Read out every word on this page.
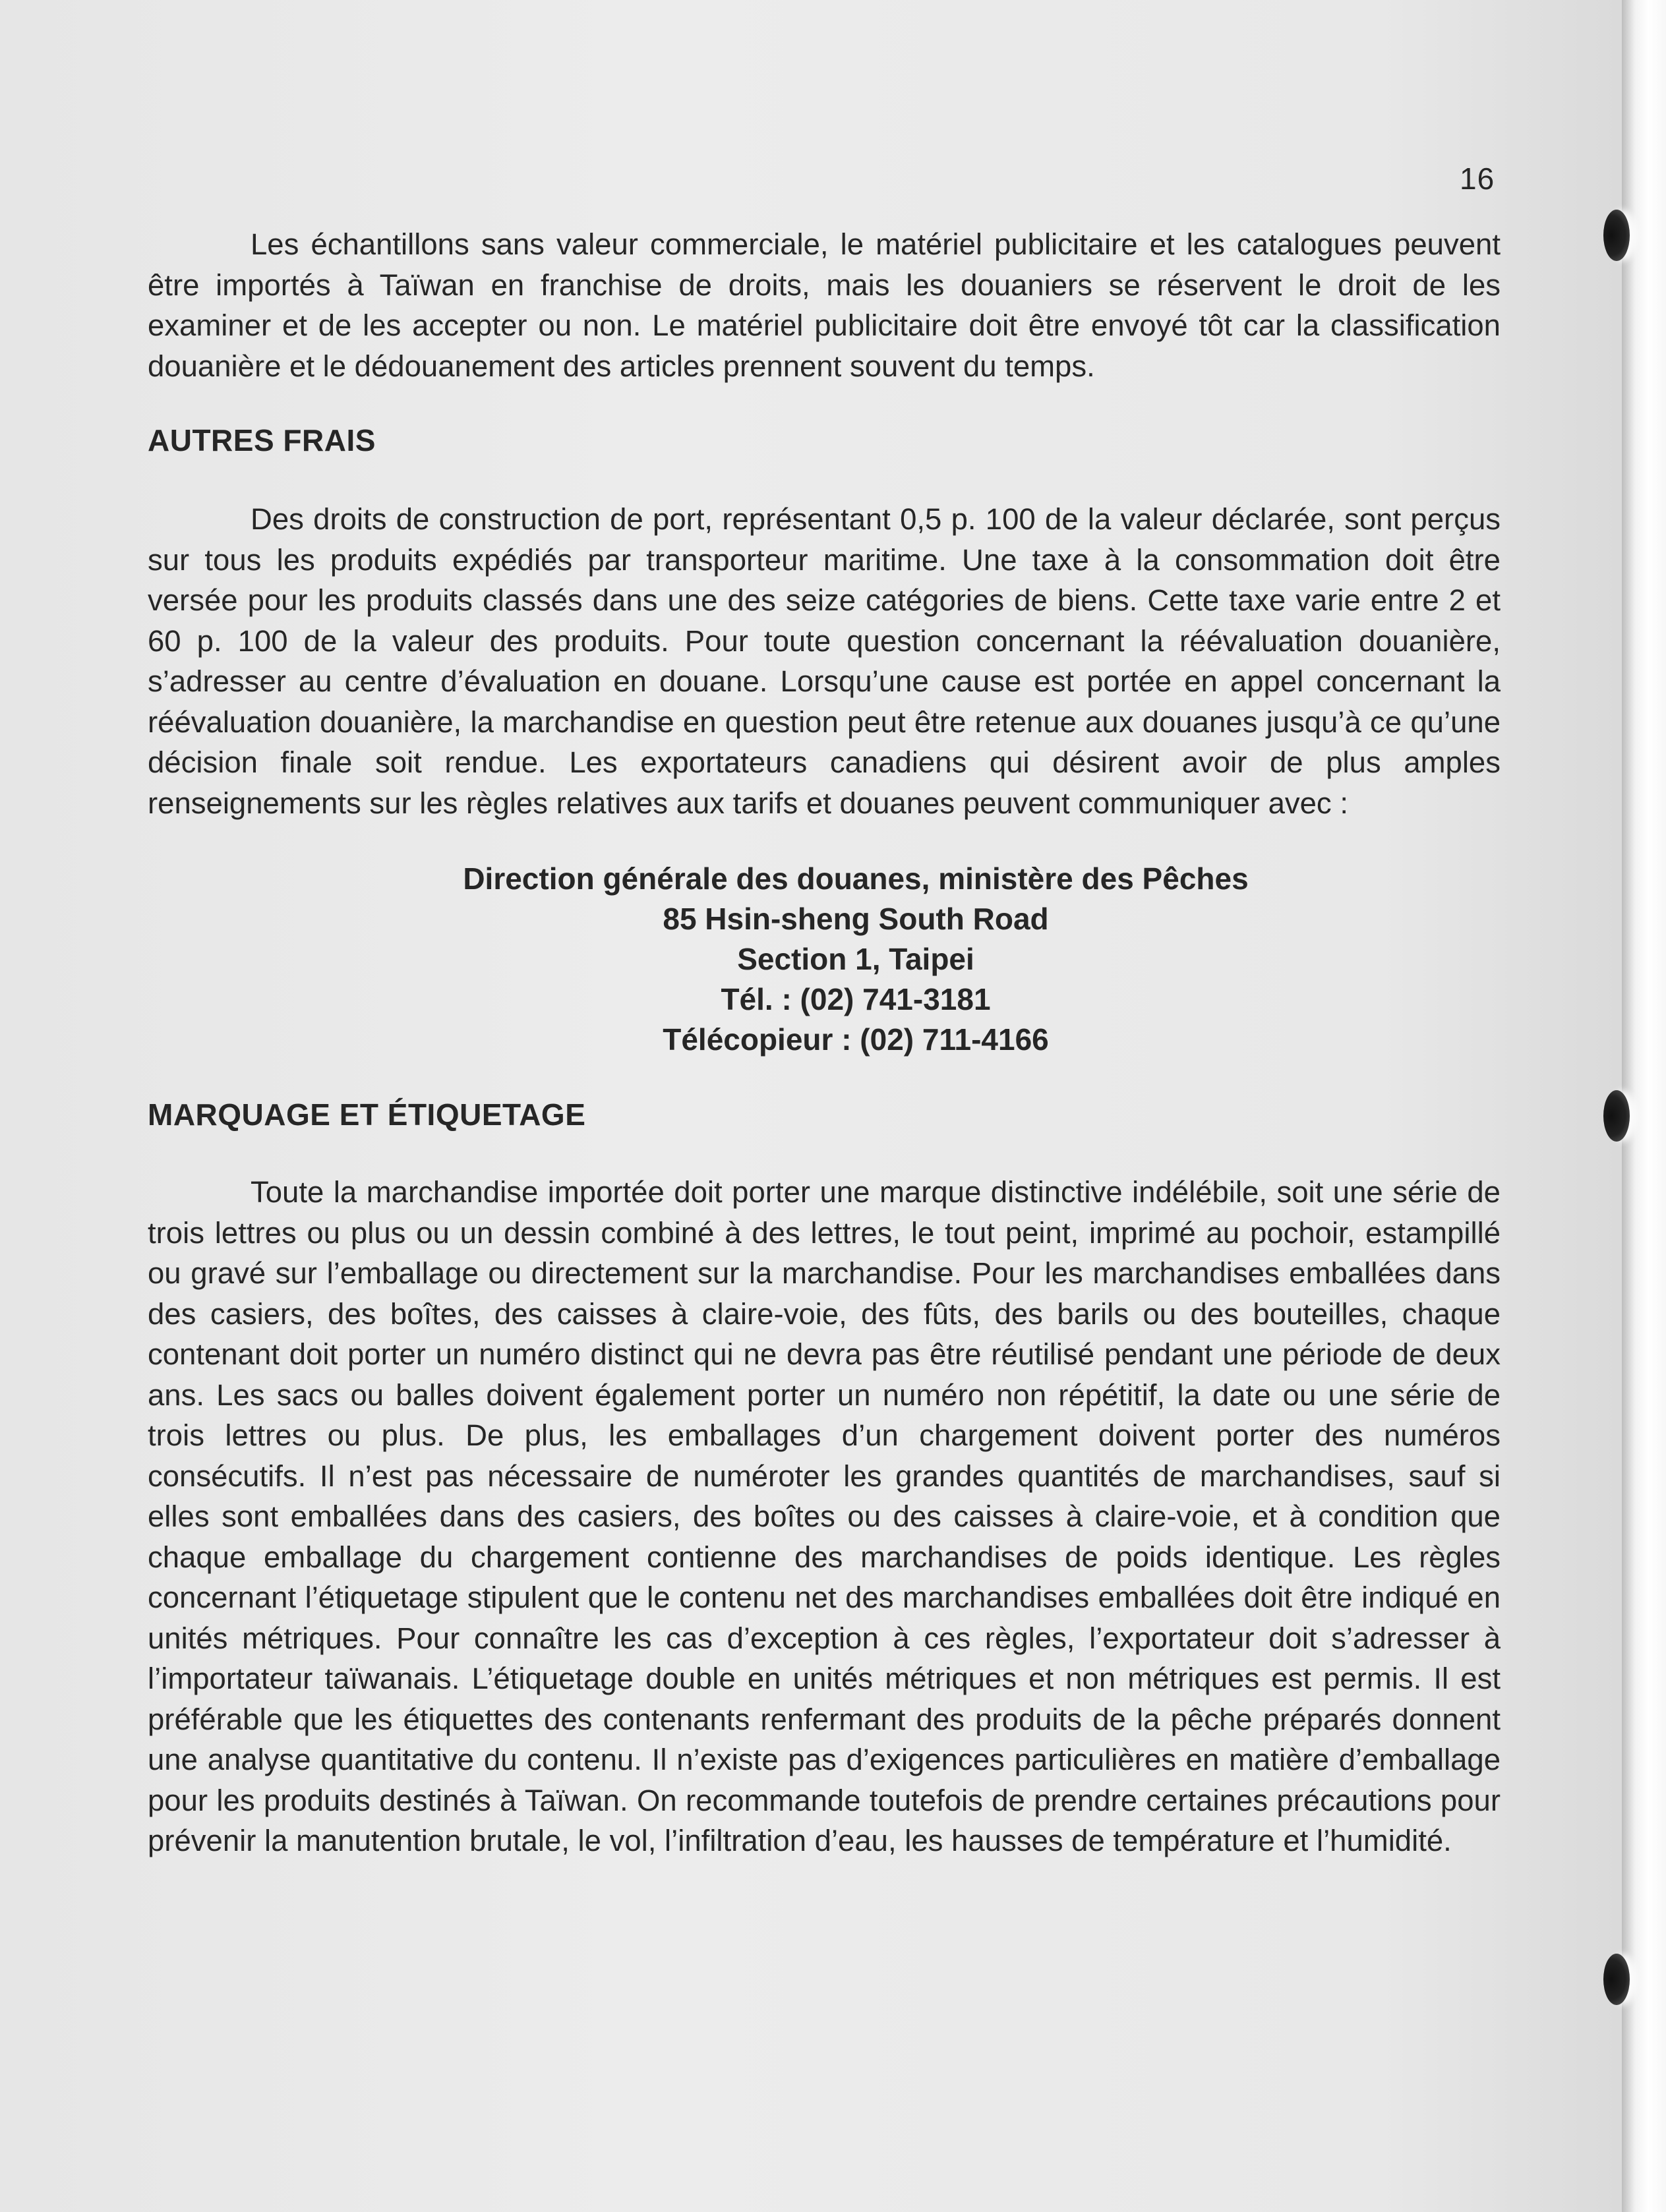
16

Les échantillons sans valeur commerciale, le matériel publicitaire et les catalogues peuvent être importés à Taïwan en franchise de droits, mais les douaniers se réservent le droit de les examiner et de les accepter ou non. Le matériel publicitaire doit être envoyé tôt car la classification douanière et le dédouanement des articles prennent souvent du temps.

AUTRES FRAIS

Des droits de construction de port, représentant 0,5 p. 100 de la valeur déclarée, sont perçus sur tous les produits expédiés par transporteur maritime. Une taxe à la consommation doit être versée pour les produits classés dans une des seize catégories de biens. Cette taxe varie entre 2 et 60 p. 100 de la valeur des produits. Pour toute question concernant la réévaluation douanière, s’adresser au centre d’évaluation en douane. Lorsqu’une cause est portée en appel concernant la réévaluation douanière, la marchandise en question peut être retenue aux douanes jusqu’à ce qu’une décision finale soit rendue. Les exportateurs canadiens qui désirent avoir de plus amples renseignements sur les règles relatives aux tarifs et douanes peuvent communiquer avec :

Direction générale des douanes, ministère des Pêches
85 Hsin-sheng South Road
Section 1, Taipei
Tél. : (02) 741-3181
Télécopieur : (02) 711-4166
MARQUAGE ET ÉTIQUETAGE

Toute la marchandise importée doit porter une marque distinctive indélébile, soit une série de trois lettres ou plus ou un dessin combiné à des lettres, le tout peint, imprimé au pochoir, estampillé ou gravé sur l’emballage ou directement sur la marchandise. Pour les marchandises emballées dans des casiers, des boîtes, des caisses à claire-voie, des fûts, des barils ou des bouteilles, chaque contenant doit porter un numéro distinct qui ne devra pas être réutilisé pendant une période de deux ans. Les sacs ou balles doivent également porter un numéro non répétitif, la date ou une série de trois lettres ou plus. De plus, les emballages d’un chargement doivent porter des numéros consécutifs. Il n’est pas nécessaire de numéroter les grandes quantités de marchandises, sauf si elles sont emballées dans des casiers, des boîtes ou des caisses à claire-voie, et à condition que chaque emballage du chargement contienne des marchandises de poids identique. Les règles concernant l’étiquetage stipulent que le contenu net des marchandises emballées doit être indiqué en unités métriques. Pour connaître les cas d’exception à ces règles, l’exportateur doit s’adresser à l’importateur taïwanais. L’étiquetage double en unités métriques et non métriques est permis. Il est préférable que les étiquettes des contenants renfermant des produits de la pêche préparés donnent une analyse quantitative du contenu. Il n’existe pas d’exigences particulières en matière d’emballage pour les produits destinés à Taïwan. On recommande toutefois de prendre certaines précautions pour prévenir la manutention brutale, le vol, l’infiltration d’eau, les hausses de température et l’humidité.
